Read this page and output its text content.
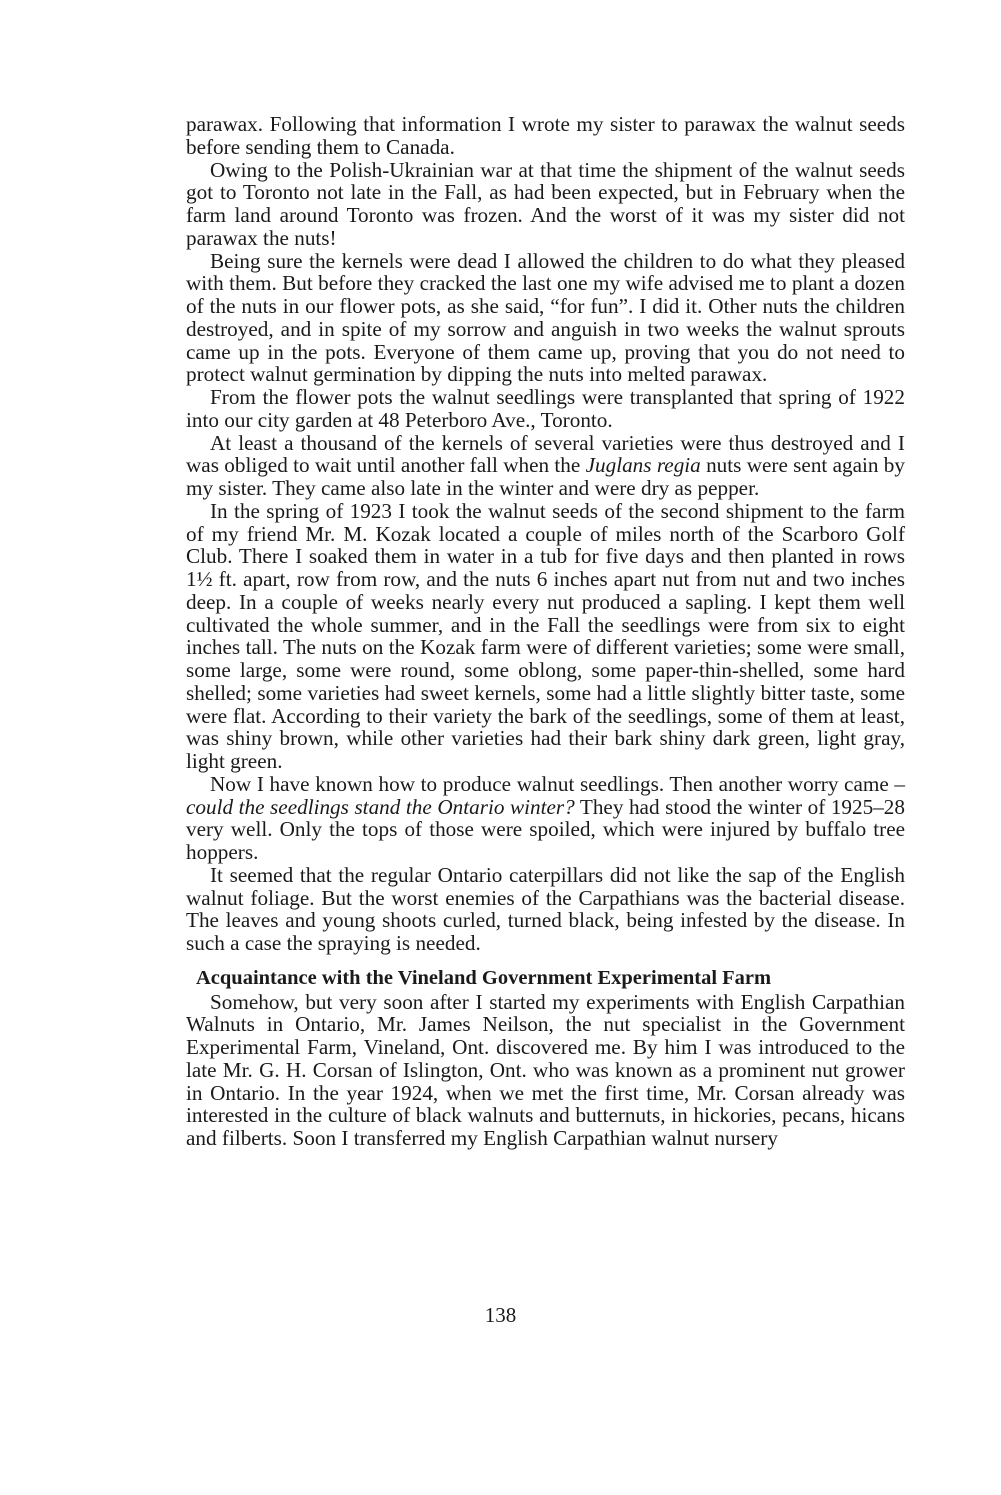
parawax. Following that information I wrote my sister to parawax the walnut seeds before sending them to Canada.

Owing to the Polish-Ukrainian war at that time the shipment of the walnut seeds got to Toronto not late in the Fall, as had been expected, but in February when the farm land around Toronto was frozen. And the worst of it was my sister did not parawax the nuts!

Being sure the kernels were dead I allowed the children to do what they pleased with them. But before they cracked the last one my wife advised me to plant a dozen of the nuts in our flower pots, as she said, “for fun”. I did it. Other nuts the children destroyed, and in spite of my sorrow and anguish in two weeks the walnut sprouts came up in the pots. Everyone of them came up, proving that you do not need to protect walnut germination by dipping the nuts into melted parawax.

From the flower pots the walnut seedlings were transplanted that spring of 1922 into our city garden at 48 Peterboro Ave., Toronto.

At least a thousand of the kernels of several varieties were thus destroyed and I was obliged to wait until another fall when the Juglans regia nuts were sent again by my sister. They came also late in the winter and were dry as pepper.

In the spring of 1923 I took the walnut seeds of the second shipment to the farm of my friend Mr. M. Kozak located a couple of miles north of the Scarboro Golf Club. There I soaked them in water in a tub for five days and then planted in rows 1½ ft. apart, row from row, and the nuts 6 inches apart nut from nut and two inches deep. In a couple of weeks nearly every nut produced a sapling. I kept them well cultivated the whole summer, and in the Fall the seedlings were from six to eight inches tall. The nuts on the Kozak farm were of different varieties; some were small, some large, some were round, some oblong, some paper-thin-shelled, some hard shelled; some varieties had sweet kernels, some had a little slightly bitter taste, some were flat. According to their variety the bark of the seedlings, some of them at least, was shiny brown, while other varieties had their bark shiny dark green, light gray, light green.

Now I have known how to produce walnut seedlings. Then another worry came – could the seedlings stand the Ontario winter? They had stood the winter of 1925–28 very well. Only the tops of those were spoiled, which were injured by buffalo tree hoppers.

It seemed that the regular Ontario caterpillars did not like the sap of the English walnut foliage. But the worst enemies of the Carpathians was the bacterial disease. The leaves and young shoots curled, turned black, being infested by the disease. In such a case the spraying is needed.

Acquaintance with the Vineland Government Experimental Farm

Somehow, but very soon after I started my experiments with English Carpathian Walnuts in Ontario, Mr. James Neilson, the nut specialist in the Government Experimental Farm, Vineland, Ont. discovered me. By him I was introduced to the late Mr. G. H. Corsan of Islington, Ont. who was known as a prominent nut grower in Ontario. In the year 1924, when we met the first time, Mr. Corsan already was interested in the culture of black walnuts and butternuts, in hickories, pecans, hicans and filberts. Soon I transferred my English Carpathian walnut nursery

138
